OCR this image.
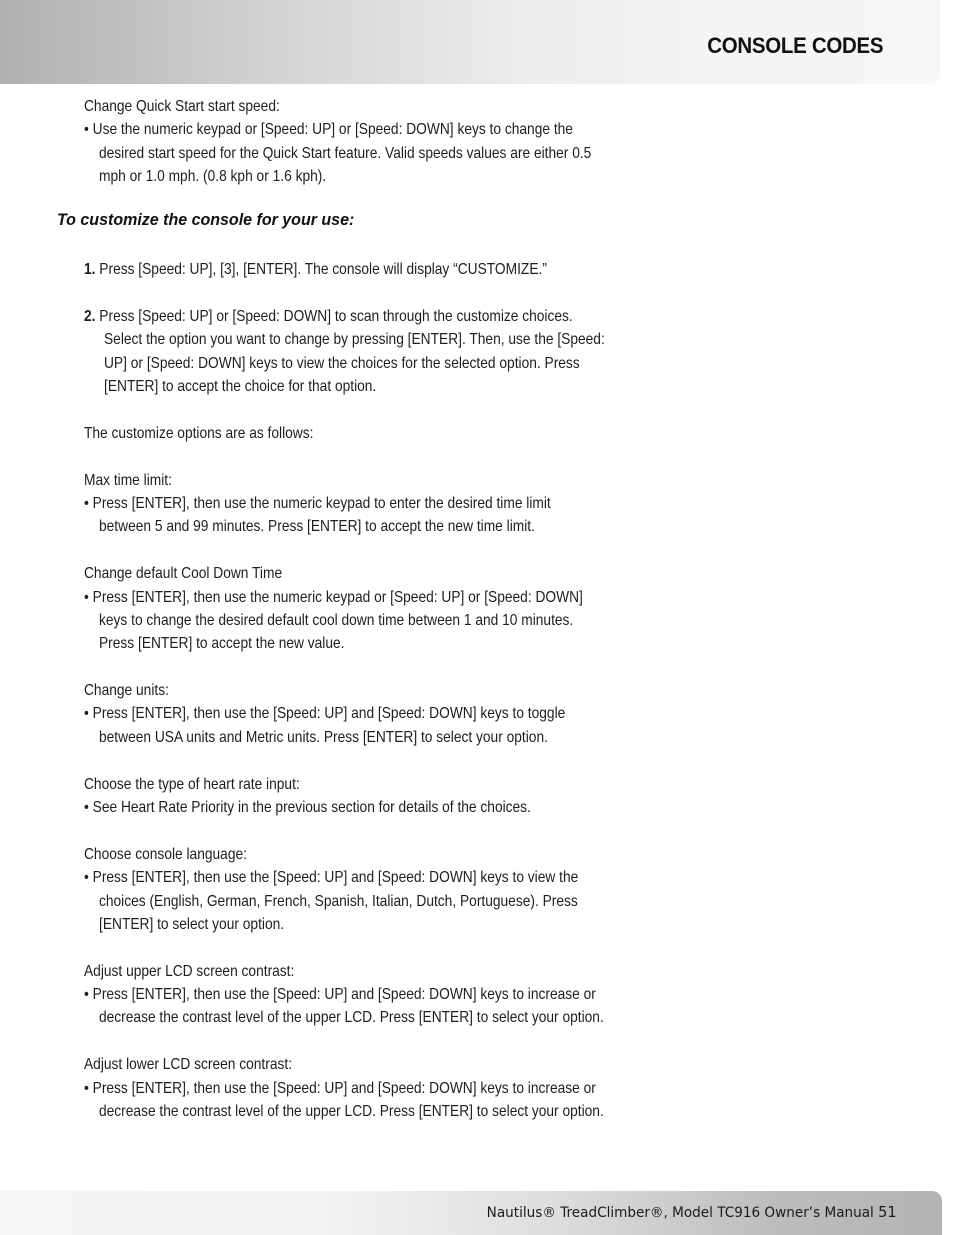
CONSOLE CODES
Change Quick Start start speed:
• Use the numeric keypad or [Speed: UP] or [Speed: DOWN] keys to change the
desired start speed for the Quick Start feature. Valid speeds values are either 0.5
mph or 1.0 mph. (0.8 kph or 1.6 kph).
To customize the console for your use:
1. Press [Speed: UP], [3], [ENTER]. The console will display “CUSTOMIZE.”
2. Press [Speed: UP] or [Speed: DOWN] to scan through the customize choices.
Select the option you want to change by pressing [ENTER]. Then, use the [Speed:
UP] or [Speed: DOWN] keys to view the choices for the selected option. Press
[ENTER] to accept the choice for that option.
The customize options are as follows:
Max time limit:
• Press [ENTER], then use the numeric keypad to enter the desired time limit
between 5 and 99 minutes. Press [ENTER] to accept the new time limit.
Change default Cool Down Time
• Press [ENTER], then use the numeric keypad or [Speed: UP] or [Speed: DOWN]
keys to change the desired default cool down time between 1 and 10 minutes.
Press [ENTER] to accept the new value.
Change units:
• Press [ENTER], then use the [Speed: UP] and [Speed: DOWN] keys to toggle
between USA units and Metric units. Press [ENTER] to select your option.
Choose the type of heart rate input:
• See Heart Rate Priority in the previous section for details of the choices.
Choose console language:
• Press [ENTER], then use the [Speed: UP] and [Speed: DOWN] keys to view the
choices (English, German, French, Spanish, Italian, Dutch, Portuguese). Press
[ENTER] to select your option.
Adjust upper LCD screen contrast:
• Press [ENTER], then use the [Speed: UP] and [Speed: DOWN] keys to increase or
decrease the contrast level of the upper LCD. Press [ENTER] to select your option.
Adjust lower LCD screen contrast:
• Press [ENTER], then use the [Speed: UP] and [Speed: DOWN] keys to increase or
decrease the contrast level of the upper LCD. Press [ENTER] to select your option.
Nautilus® TreadClimber®, Model TC916 Owner’s Manual 51
